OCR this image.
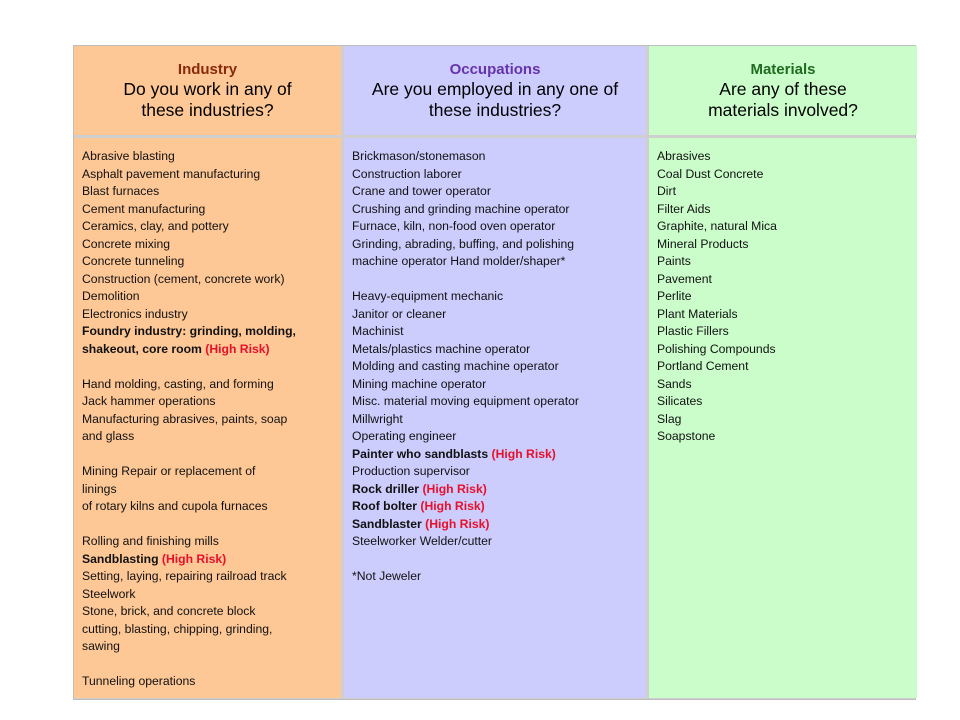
Industry
Do you work in any of
these industries?
Occupations
Are you employed in any one of
these industries?
Materials
Are any of these
materials involved?
Abrasive blasting
Asphalt pavement manufacturing
Blast furnaces
Cement manufacturing
Ceramics, clay, and pottery
Concrete mixing
Concrete tunneling
Construction (cement, concrete work)
Demolition
Electronics industry
Foundry industry: grinding, molding,
shakeout, core room (High Risk)
Hand molding, casting, and forming
Jack hammer operations
Manufacturing abrasives, paints, soap
and glass
Mining Repair or replacement of
linings
of rotary kilns and cupola furnaces
Rolling and finishing mills
Sandblasting (High Risk)
Setting, laying, repairing railroad track
Steelwork
Stone, brick, and concrete block
cutting, blasting, chipping, grinding,
sawing
Tunneling operations
Brickmason/stonemason
Construction laborer
Crane and tower operator
Crushing and grinding machine operator
Furnace, kiln, non-food oven operator
Grinding, abrading, buffing, and polishing
machine operator Hand molder/shaper*
Heavy-equipment mechanic
Janitor or cleaner
Machinist
Metals/plastics machine operator
Molding and casting machine operator
Mining machine operator
Misc. material moving equipment operator
Millwright
Operating engineer
Painter who sandblasts (High Risk)
Production supervisor
Rock driller (High Risk)
Roof bolter (High Risk)
Sandblaster (High Risk)
Steelworker Welder/cutter
*Not Jeweler
Abrasives
Coal Dust Concrete
Dirt
Filter Aids
Graphite, natural Mica
Mineral Products
Paints
Pavement
Perlite
Plant Materials
Plastic Fillers
Polishing Compounds
Portland Cement
Sands
Silicates
Slag
Soapstone
